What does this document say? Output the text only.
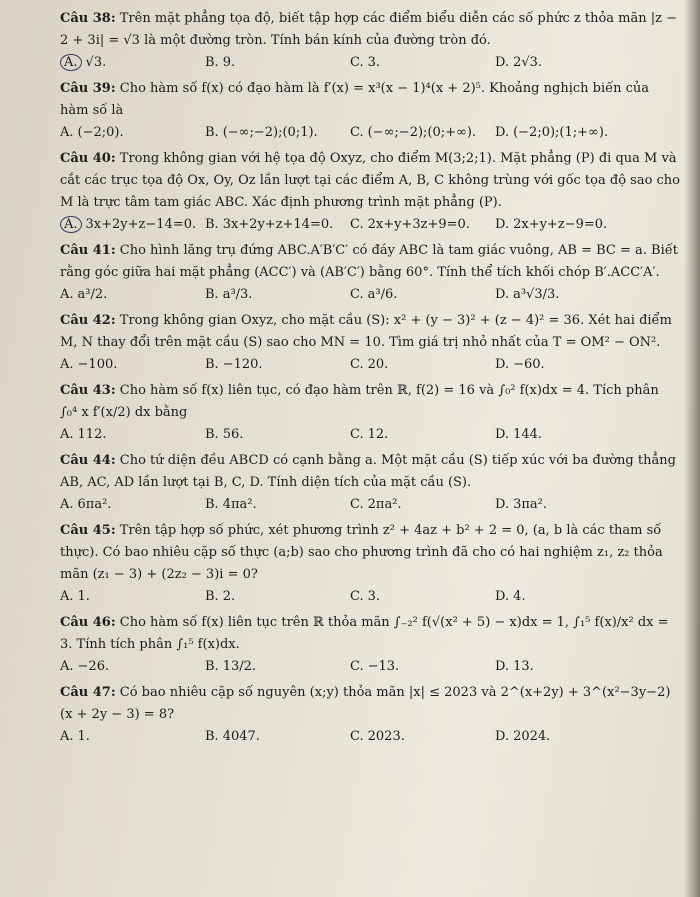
Câu 38: Trên mặt phẳng tọa độ, biết tập hợp các điểm biểu diễn các số phức z thỏa mãn |z − 2 + 3i| = √3 là một đường tròn. Tính bán kính của đường tròn đó.
A. √3.	B. 9.	C. 3.	D. 2√3.
Câu 39: Cho hàm số f(x) có đạo hàm là f′(x) = x³(x − 1)⁴(x + 2)⁵. Khoảng nghịch biến của hàm số là
A. (−2;0).	B. (−∞;−2);(0;1).	C. (−∞;−2);(0;+∞).	D. (−2;0);(1;+∞).
Câu 40: Trong không gian với hệ tọa độ Oxyz, cho điểm M(3;2;1). Mặt phẳng (P) đi qua M và cắt các trục tọa độ Ox, Oy, Oz lần lượt tại các điểm A, B, C không trùng với gốc tọa độ sao cho M là trực tâm tam giác ABC. Xác định phương trình mặt phẳng (P).
A. 3x+2y+z−14=0. B. 3x+2y+z+14=0.	C. 2x+y+3z+9=0.	D. 2x+y+z−9=0.
Câu 41: Cho hình lăng trụ đứng ABC.A′B′C′ có đáy ABC là tam giác vuông, AB = BC = a. Biết rằng góc giữa hai mặt phẳng (ACC′) và (AB′C′) bằng 60°. Tính thể tích khối chóp B′.ACC′A′.
A. a³/2.	B. a³/3.	C. a³/6.	D. a³√3/3.
Câu 42: Trong không gian Oxyz, cho mặt cầu (S): x² + (y − 3)² + (z − 4)² = 36. Xét hai điểm M, N thay đổi trên mặt cầu (S) sao cho MN = 10. Tìm giá trị nhỏ nhất của T = OM² − ON².
A. −100.	B. −120.	C. 20.	D. −60.
Câu 43: Cho hàm số f(x) liên tục, có đạo hàm trên ℝ, f(2) = 16 và ∫₀² f(x)dx = 4. Tích phân ∫₀⁴ x f′(x/2) dx bằng
A. 112.	B. 56.	C. 12.	D. 144.
Câu 44: Cho tứ diện đều ABCD có cạnh bằng a. Một mặt cầu (S) tiếp xúc với ba đường thẳng AB, AC, AD lần lượt tại B, C, D. Tính diện tích của mặt cầu (S).
A. 6πa².	B. 4πa².	C. 2πa².	D. 3πa².
Câu 45: Trên tập hợp số phức, xét phương trình z² + 4az + b² + 2 = 0, (a, b là các tham số thực). Có bao nhiêu cặp số thực (a;b) sao cho phương trình đã cho có hai nghiệm z₁, z₂ thỏa mãn (z₁ − 3) + (2z₂ − 3)i = 0?
A. 1.	B. 2.	C. 3.	D. 4.
Câu 46: Cho hàm số f(x) liên tục trên ℝ thỏa mãn ∫₋₂² f(√(x² + 5) − x)dx = 1, ∫₁⁵ f(x)/x² dx = 3. Tính tích phân ∫₁⁵ f(x)dx.
A. −26.	B. 13/2.	C. −13.	D. 13.
Câu 47: Có bao nhiêu cặp số nguyên (x;y) thỏa mãn |x| ≤ 2023 và 2^(x+2y) + 3^(x²−3y−2)(x + 2y − 3) = 8?
A. 1.	B. 4047.	C. 2023.	D. 2024.
